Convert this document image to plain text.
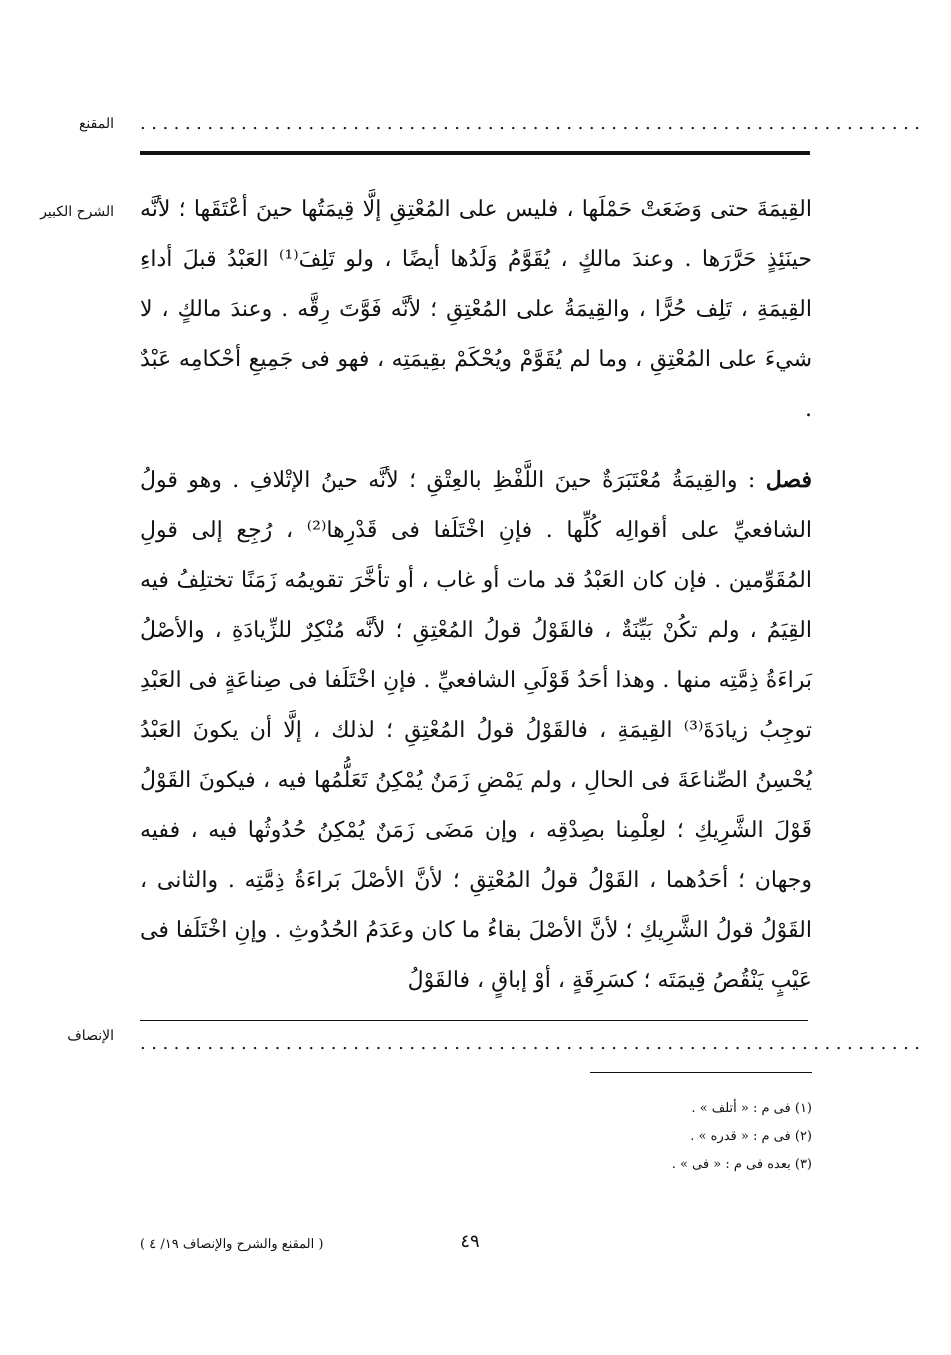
المقنع ......................................................................
الشرح الكبير القِيمَةَ حتى وَضَعَتْ حَمْلَها ، فليس على المُعْتِقِ إلَّا قِيمَتُها حينَ أعْتَقَها ؛ لأنَّه حينَئِذٍ حَرَّرَها . وعندَ مالكٍ ، يُقَوَّمُ وَلَدُها أيضًا ، ولو تَلِفَ⁽¹⁾ العَبْدُ قبلَ أداءِ القِيمَةِ ، تَلِف حُرًّا ، والقِيمَةُ على المُعْتِقِ ؛ لأنَّه فَوَّتَ رِقَّه . وعندَ مالكٍ ، لا شيءَ على المُعْتِقِ ، وما لم يُقَوَّمْ ويُحْكَمْ بقِيمَتِه ، فهو فى جَمِيعِ أحْكامِه عَبْدٌ .

فصل : والقِيمَةُ مُعْتَبَرَةٌ حينَ اللَّفْظِ بالعِتْقِ ؛ لأنَّه حينُ الإتْلافِ . وهو قولُ الشافعيِّ على أقوالِه كُلِّها . فإنِ اخْتَلَفا فى قَدْرِها⁽²⁾ ، رُجِع إلى قولِ المُقَوِّمين . فإن كان العَبْدُ قد مات أو غاب ، أو تأخَّرَ تقويمُه زَمَنًا تختلِفُ فيه القِيَمُ ، ولم تكُنْ بَيِّنَةٌ ، فالقَوْلُ قولُ المُعْتِقِ ؛ لأنَّه مُنْكِرٌ للزِّيادَةِ ، والأصْلُ بَراءَةُ ذِمَّتِه منها . وهذا أحَدُ قَوْلَىِ الشافعيِّ . فإنِ اخْتَلَفا فى صِناعَةٍ فى العَبْدِ توجِبُ زيادَةَ⁽³⁾ القِيمَةِ ، فالقَوْلُ قولُ المُعْتِقِ ؛ لذلك ، إلَّا أن يكونَ العَبْدُ يُحْسِنُ الصِّناعَةَ فى الحالِ ، ولم يَمْضِ زَمَنٌ يُمْكِنُ تَعَلُّمُها فيه ، فيكونَ القَوْلُ قَوْلَ الشَّرِيكِ ؛ لعِلْمِنا بصِدْقِه ، وإن مَضَى زَمَنٌ يُمْكِنُ حُدُوثُها فيه ، ففيه وجهان ؛ أحَدُهما ، القَوْلُ قولُ المُعْتِقِ ؛ لأنَّ الأصْلَ بَراءَةُ ذِمَّتِه . والثانى ، القَوْلُ قولُ الشَّرِيكِ ؛ لأنَّ الأصْلَ بقاءُ ما كان وعَدَمُ الحُدُوثِ . وإنِ اخْتَلَفا فى عَيْبٍ يَنْقُصُ قِيمَتَه ؛ كسَرِقَةٍ ، أوْ إباقٍ ، فالقَوْلُ

الإنصاف ......................................................................
(١) فى م : « أتلف » .
(٢) فى م : « قدره » .
(٣) بعده فى م : « فى » .
٤٩
( المقنع والشرح والإنصاف ١٩/ ٤ )
